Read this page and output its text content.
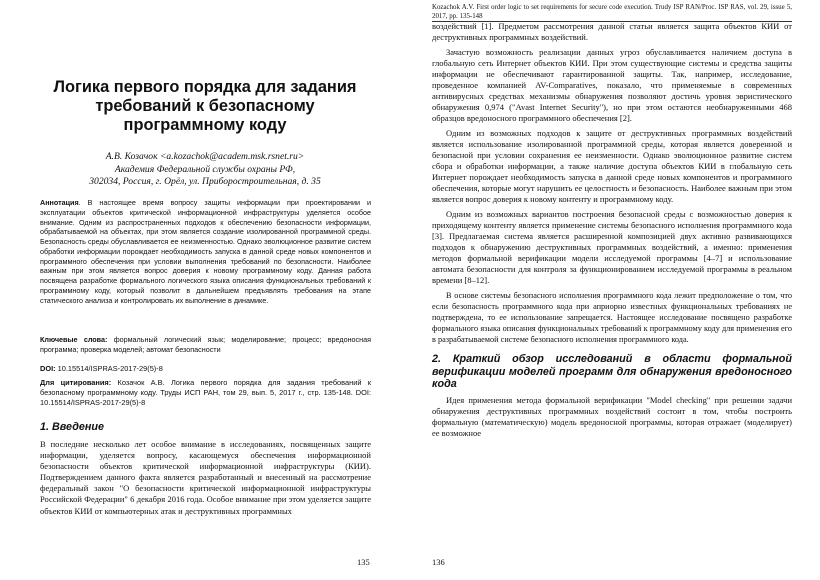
Логика первого порядка для задания требований к безопасному программному коду
А.В. Козачок <a.kozachok@academ.msk.rsnet.ru>
Академия Федеральной службы охраны РФ,
302034, Россия, г. Орёл, ул. Приборостроительная, д. 35

Аннотация. В настоящее время вопросу защиты информации при проектировании и эксплуатации объектов критической информационной инфраструктуры уделяется особое внимание. Одним из распространенных подходов к обеспечению безопасности информации, обрабатываемой на объектах, при этом является создание изолированной программной среды. Безопасность среды обуславливается ее неизменностью. Однако эволюционное развитие систем обработки информации порождает необходимость запуска в данной среде новых компонентов и программного обеспечения при условии выполнения требований по безопасности. Наиболее важным при этом является вопрос доверия к новому программному коду. Данная работа посвящена разработке формального логического языка описания функциональных требований к программному коду, который позволит в дальнейшем предъявлять требования на этапе статического анализа и контролировать их выполнение в динамике.

Ключевые слова: формальный логический язык; моделирование; процесс; вредоносная программа; проверка моделей; автомат безопасности

DOI: 10.15514/ISPRAS-2017-29(5)-8

Для цитирования: Козачок А.В. Логика первого порядка для задания требований к безопасному программному коду. Труды ИСП РАН, том 29, вып. 5, 2017 г., стр. 135-148. DOI: 10.15514/ISPRAS-2017-29(5)-8

1. Введение

В последние несколько лет особое внимание в исследованиях, посвященных защите информации, уделяется вопросу, касающемуся обеспечения информационной безопасности объектов критической информационной инфраструктуры (КИИ). Подтверждением данного факта является разработанный и внесенный на рассмотрение федеральный закон "О безопасности критической информационной инфраструктуры Российской Федерации" 6 декабря 2016 года. Особое внимание при этом уделяется защите объектов КИИ от компьютерных атак и деструктивных программных

135

Kozachok A.V. First order logic to set requirements for secure code execution. Trudy ISP RAN/Proc. ISP RAS, vol. 29, issue 5, 2017, pp. 135-148

воздействий [1]. Предметом рассмотрения данной статьи является защита объектов КИИ от деструктивных программных воздействий.

Зачастую возможность реализации данных угроз обуславливается наличием доступа в глобальную сеть Интернет объектов КИИ. При этом существующие системы и средства защиты информации не обеспечивают гарантированной защиты. Так, например, исследование, проведенное компанией AV-Comparatives, показало, что применяемые в современных антивирусных средствах механизмы обнаружения позволяют достичь уровня эвристического обнаружения 0,974 ("Avast Internet Security"), но при этом остаются необнаруженными 468 образцов вредоносного программного обеспечения [2].

Одним из возможных подходов к защите от деструктивных программных воздействий является использование изолированной программной среды, которая является доверенной и безопасной при условии сохранения ее неизменности. Однако эволюционное развитие систем сбора и обработки информации, а также наличие доступа объектов КИИ в глобальную сеть Интернет порождает необходимость запуска в данной среде новых компонентов и программного обеспечения, которые могут нарушить ее целостность и безопасность. Наиболее важным при этом является вопрос доверия к новому контенту и программному коду.

Одним из возможных вариантов построения безопасной среды с возможностью доверия к приходящему контенту является применение системы безопасного исполнения программного кода [3]. Предлагаемая система является расширенной композицией двух активно развивающихся подходов к обнаружению деструктивных программных воздействий, а именно: применения методов формальной верификации модели исследуемой программы [4–7] и использование автомата безопасности для контроля за функционированием исследуемой программы в реальном времени [8–12].

В основе системы безопасного исполнения программного кода лежит предположение о том, что если безопасность программного кода при априорно известных функциональных требованиях не подтверждена, то ее использование запрещается. Настоящее исследование посвящено разработке формального языка описания функциональных требований к программному коду для применения его в разрабатываемой системе безопасного исполнения программного кода.

2. Краткий обзор исследований в области формальной верификации моделей программ для обнаружения вредоносного кода

Идея применения метода формальной верификации "Model checking" при решении задачи обнаружения деструктивных программных воздействий состоит в том, чтобы построить формальную (математическую) модель вредоносной программы, которая отражает (моделирует) ее возможное

136
